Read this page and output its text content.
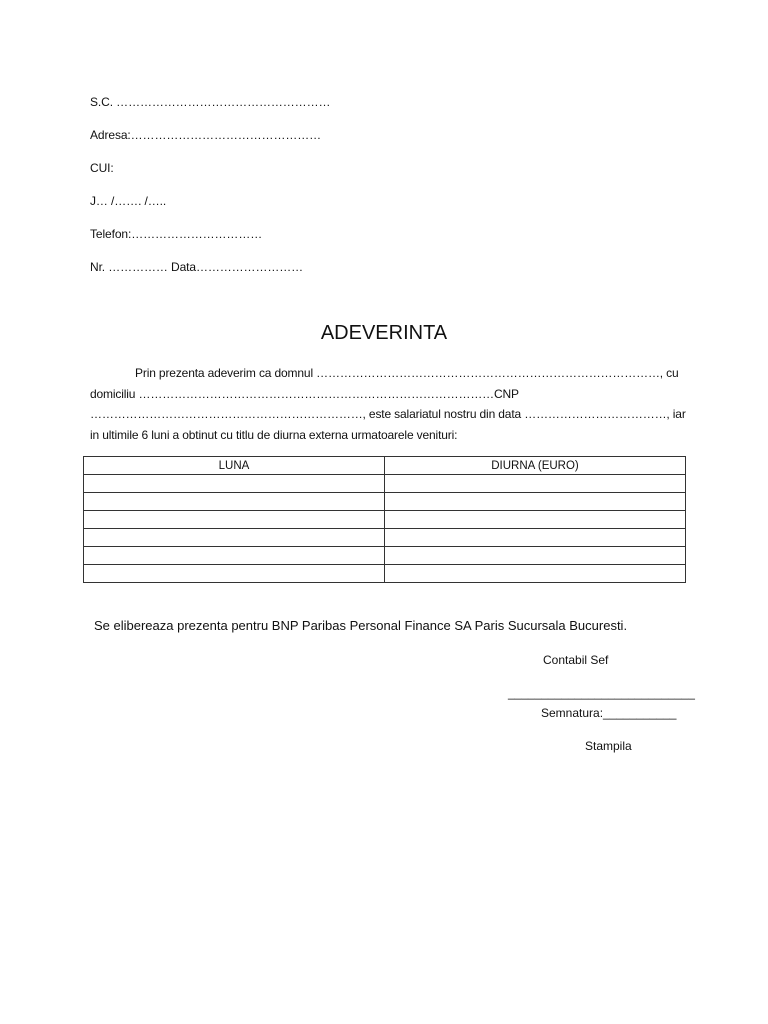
S.C. ………………………………………………
Adresa:…………………………………………
CUI:
J… /……. /…..
Telefon:……………………………
Nr. …………… Data………………………
ADEVERINTA

Prin prezenta adeverim ca domnul ……………………………………………………………………………, cu domiciliu ………………………………………………………………………………CNP ……………………………………………………………, este salariatul nostru din data ………………………………, iar in ultimile 6 luni a obtinut cu titlu de diurna externa urmatoarele venituri:

LUNA	DIURNA (EURO)

Se elibereaza prezenta pentru BNP Paribas Personal Finance SA Paris Sucursala Bucuresti.
Contabil Sef
____________________________
Semnatura:___________
Stampila
